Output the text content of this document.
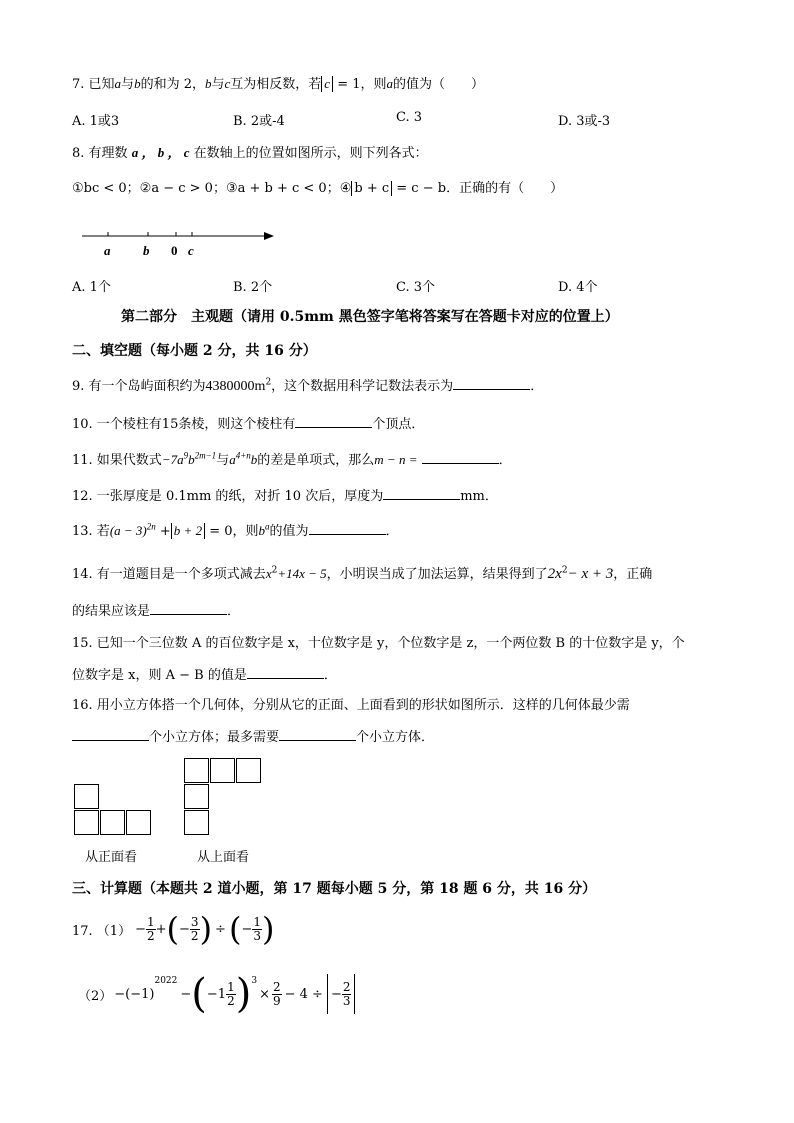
7. 已知a与b的和为 2，b与c互为相反数，若 c = 1，则a的值为（　　）
A. 1或3	B. 2或-4	C. 3	D. 3或-3
8. 有理数 a ， b ， c 在数轴上的位置如图所示，则下列各式：
①bc < 0；②a − c > 0；③a + b + c < 0；④ b + c = c − b．正确的有（　　）
a	b 0 c
A. 1个	B. 2个	C. 3个	D. 4个
第二部分　主观题（请用 0.5mm 黑色签字笔将答案写在答题卡对应的位置上）
二、填空题（每小题 2 分，共 16 分）
9. 有一个岛屿面积约为$4380000m^2$，这个数据用科学记数法表示为	．
10. 一个棱柱有15条棱，则这个棱柱有	个顶点．
11. 如果代数式$-7a^9b^{2m-1}$与$a^{4+n}b$的差是单项式，那么m − n =	．
12. 一张厚度是 0.1mm 的纸，对折 10 次后，厚度为	mm．
13. 若$(a - 3)^{2n} + b + 2 = 0$，则$b^a$的值为	．
14. 有一道题目是一个多项式减去$x^2+14x - 5$，小明误当成了加法运算，结果得到了$2x^2- x + 3$，正确
的结果应该是	．
15. 已知一个三位数 A 的百位数字是 x，十位数字是 y，个位数字是 z，一个两位数 B 的十位数字是 y，个
位数字是 x，则 A − B 的值是	．
16. 用小立方体搭一个几何体，分别从它的正面、上面看到的形状如图所示．这样的几何体最少需
个小立方体；最多需要	个小立方体．
从正面看	从上面看
三、计算题（本题共 2 道小题，第 17 题每小题 5 分，第 18 题 6 分，共 16 分）
17. $(1) - \frac{1}{2}$ + ( − $\frac{3}{2}$ ) ÷ ( − $\frac{1}{3}$ )
（2） −(−1)
2022
− ( $-1 \frac{1}{2} )^3$
× $\frac{2}{9} - 4$ ÷ − $\frac{2}{3}$
